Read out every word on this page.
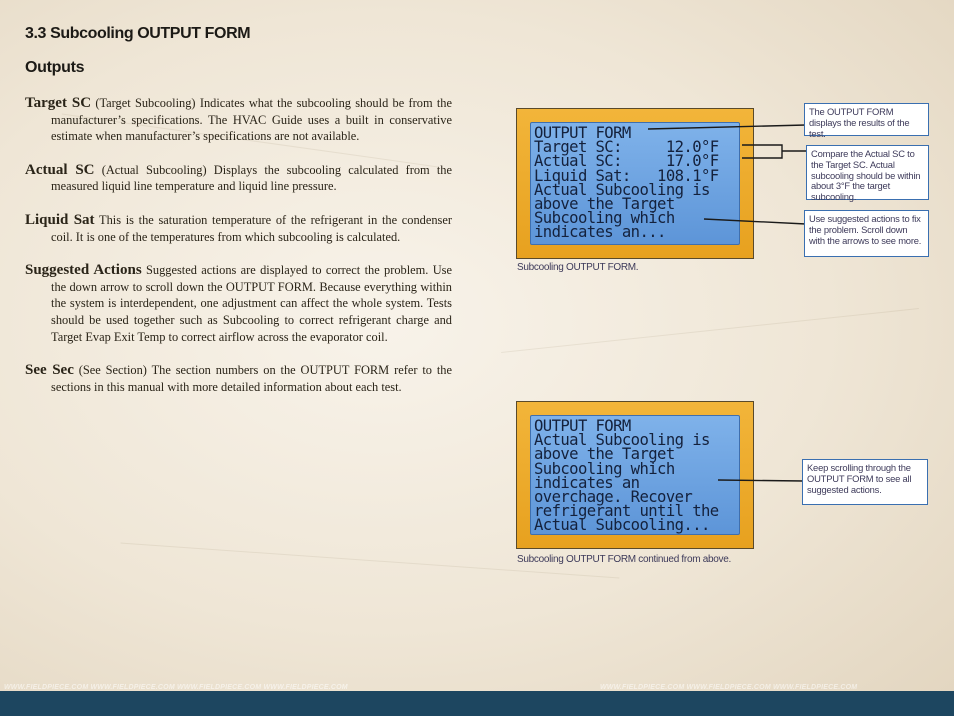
3.3 Subcooling OUTPUT FORM
Outputs

Target SC (Target Subcooling) Indicates what the subcooling should be from the manufacturer’s specifications. The HVAC Guide uses a built in conservative estimate when manufacturer’s specifications are not available.

Actual SC (Actual Subcooling) Displays the subcooling calculated from the measured liquid line temperature and liquid line pressure.

Liquid Sat This is the saturation temperature of the refrigerant in the condenser coil. It is one of the temperatures from which subcooling is calculated.

Suggested Actions Suggested actions are displayed to correct the problem. Use the down arrow to scroll down the OUTPUT FORM. Because everything within the system is interdependent, one adjustment can affect the whole system. Tests should be used together such as Subcooling to correct refrigerant charge and Target Evap Exit Temp to correct airflow across the evaporator coil.

See Sec (See Section) The section numbers on the OUTPUT FORM refer to the sections in this manual with more detailed information about each test.

OUTPUT FORM
Target SC:     12.0°F
Actual SC:     17.0°F
Liquid Sat:   108.1°F
Actual Subcooling is
above the Target
Subcooling which
indicates an...
Subcooling OUTPUT FORM.
OUTPUT FORM
Actual Subcooling is
above the Target
Subcooling which
indicates an
overchage. Recover
refrigerant until the
Actual Subcooling...
Subcooling OUTPUT FORM continued from above.
The OUTPUT FORM displays the results of the test.
Compare the Actual SC to the Target SC. Actual subcooling should be within about 3°F the target subcooling.
Use suggested actions to fix the problem. Scroll down with the arrows to see more.
Keep scrolling through the OUTPUT FORM to see all suggested actions.
WWW.FIELDPIECE.COM WWW.FIELDPIECE.COM WWW.FIELDPIECE.COM WWW.FIELDPIECE.COM	WWW.FIELDPIECE.COM WWW.FIELDPIECE.COM WWW.FIELDPIECE.COM
